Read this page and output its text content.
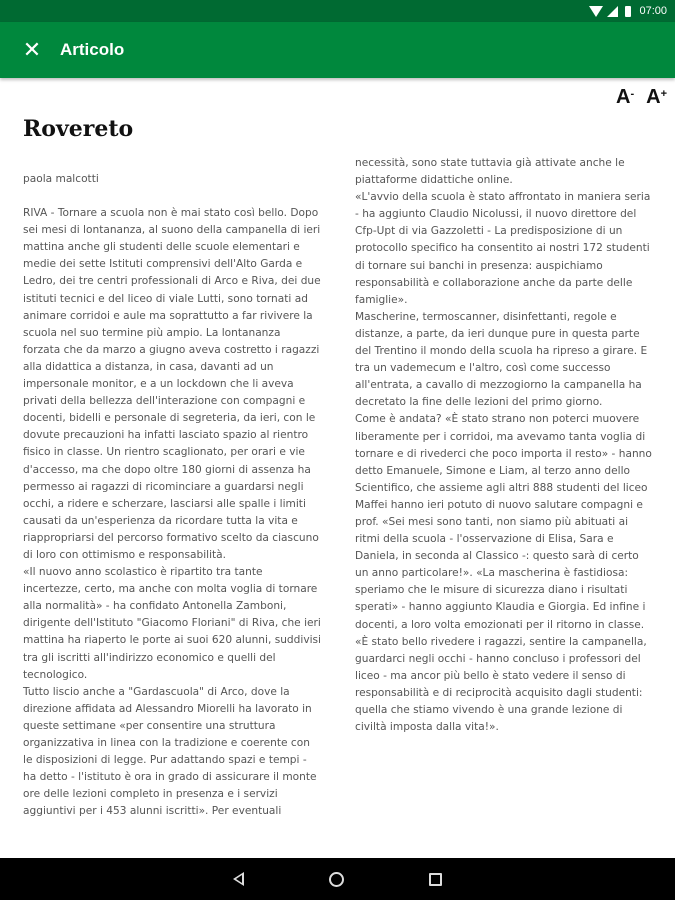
07:00
✕ Articolo
A- A+
Rovereto

paola malcotti

RIVA - Tornare a scuola non è mai stato così bello. Dopo sei mesi di lontananza, al suono della campanella di ieri mattina anche gli studenti delle scuole elementari e medie dei sette Istituti comprensivi dell'Alto Garda e Ledro, dei tre centri professionali di Arco e Riva, dei due istituti tecnici e del liceo di viale Lutti, sono tornati ad animare corridoi e aule ma soprattutto a far rivivere la scuola nel suo termine più ampio. La lontananza forzata che da marzo a giugno aveva costretto i ragazzi alla didattica a distanza, in casa, davanti ad un impersonale monitor, e a un lockdown che li aveva privati della bellezza dell'interazione con compagni e docenti, bidelli e personale di segreteria, da ieri, con le dovute precauzioni ha infatti lasciato spazio al rientro fisico in classe. Un rientro scaglionato, per orari e vie d'accesso, ma che dopo oltre 180 giorni di assenza ha permesso ai ragazzi di ricominciare a guardarsi negli occhi, a ridere e scherzare, lasciarsi alle spalle i limiti causati da un'esperienza da ricordare tutta la vita e riappropriarsi del percorso formativo scelto da ciascuno di loro con ottimismo e responsabilità.

«Il nuovo anno scolastico è ripartito tra tante incertezze, certo, ma anche con molta voglia di tornare alla normalità» - ha confidato Antonella Zamboni, dirigente dell'Istituto "Giacomo Floriani" di Riva, che ieri mattina ha riaperto le porte ai suoi 620 alunni, suddivisi tra gli iscritti all'indirizzo economico e quelli del tecnologico.

Tutto liscio anche a "Gardascuola" di Arco, dove la direzione affidata ad Alessandro Miorelli ha lavorato in queste settimane «per consentire una struttura organizzativa in linea con la tradizione e coerente con le disposizioni di legge. Pur adattando spazi e tempi - ha detto - l'istituto è ora in grado di assicurare il monte ore delle lezioni completo in presenza e i servizi aggiuntivi per i 453 alunni iscritti». Per eventuali necessità, sono state tuttavia già attivate anche le piattaforme didattiche online.

«L'avvio della scuola è stato affrontato in maniera seria - ha aggiunto Claudio Nicolussi, il nuovo direttore del Cfp-Upt di via Gazzoletti - La predisposizione di un protocollo specifico ha consentito ai nostri 172 studenti di tornare sui banchi in presenza: auspichiamo responsabilità e collaborazione anche da parte delle famiglie».

Mascherine, termoscanner, disinfettanti, regole e distanze, a parte, da ieri dunque pure in questa parte del Trentino il mondo della scuola ha ripreso a girare. E tra un vademecum e l'altro, così come successo all'entrata, a cavallo di mezzogiorno la campanella ha decretato la fine delle lezioni del primo giorno.

Come è andata? «È stato strano non poterci muovere liberamente per i corridoi, ma avevamo tanta voglia di tornare e di rivederci che poco importa il resto» - hanno detto Emanuele, Simone e Liam, al terzo anno dello Scientifico, che assieme agli altri 888 studenti del liceo Maffei hanno ieri potuto di nuovo salutare compagni e prof. «Sei mesi sono tanti, non siamo più abituati ai ritmi della scuola - l'osservazione di Elisa, Sara e Daniela, in seconda al Classico -: questo sarà di certo un anno particolare!». «La mascherina è fastidiosa: speriamo che le misure di sicurezza diano i risultati sperati» - hanno aggiunto Klaudia e Giorgia. Ed infine i docenti, a loro volta emozionati per il ritorno in classe. «È stato bello rivedere i ragazzi, sentire la campanella, guardarci negli occhi - hanno concluso i professori del liceo - ma ancor più bello è stato vedere il senso di responsabilità e di reciprocità acquisito dagli studenti: quella che stiamo vivendo è una grande lezione di civiltà imposta dalla vita!».
